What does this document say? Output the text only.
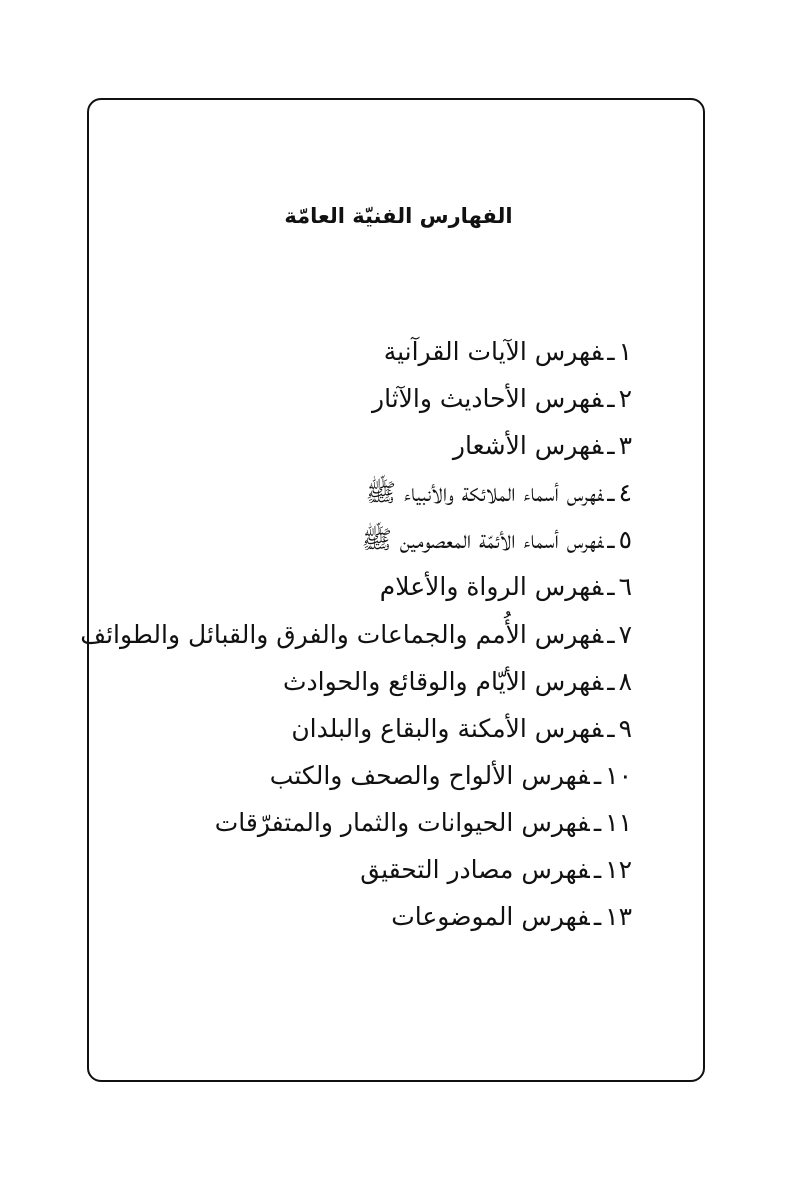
الفهارس الفنيّة العامّة
١ـفهرس الآيات القرآنية
٢ـفهرس الأحاديث والآثار
٣ـفهرس الأشعار
٤ـفهرس أسماء الملائكة والأنبياء ﷺ
٥ـفهرس أسماء الأئمّة المعصومين ﷺ
٦ـفهرس الرواة والأعلام
٧ـفهرس الأُمم والجماعات والفرق والقبائل والطوائف
٨ـفهرس الأيّام والوقائع والحوادث
٩ـفهرس الأمكنة والبقاع والبلدان
١٠ـفهرس الألواح والصحف والكتب
١١ـفهرس الحيوانات والثمار والمتفرّقات
١٢ـفهرس مصادر التحقيق
١٣ـفهرس الموضوعات
